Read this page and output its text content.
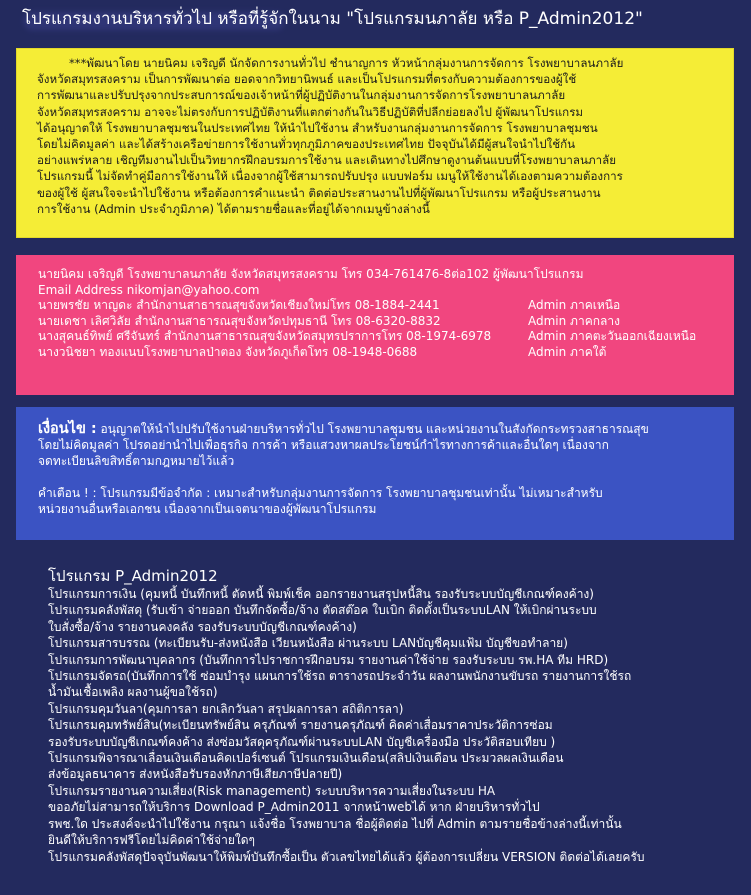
โปรแกรมงานบริหารทั่วไป หรือที่รู้จักในนาม "โปรแกรมนภาลัย หรือ P_Admin2012"

***พัฒนาโดย นายนิคม เจริญดี นักจัดการงานทั่วไป ชำนาญการ หัวหน้ากลุ่มงานการจัดการ โรงพยาบาลนภาลัย

จังหวัดสมุทรสงคราม เป็นการพัฒนาต่อ ยอดจากวิทยานิพนธ์ และเป็นโปรแกรมที่ตรงกับความต้องการของผู้ใช้

การพัฒนาและปรับปรุงจากประสบการณ์ของเจ้าหน้าที่ผู้ปฏิบัติงานในกลุ่มงานการจัดการโรงพยาบาลนภาลัย

จังหวัดสมุทรสงคราม อาจจะไม่ตรงกับการปฏิบัติงานที่แตกต่างกันในวิธีปฏิบัติที่ปลีกย่อยลงไป ผู้พัฒนาโปรแกรม

ได้อนุญาตให้ โรงพยาบาลชุมชนในประเทศไทย ให้นำไปใช้งาน สำหรับงานกลุ่มงานการจัดการ โรงพยาบาลชุมชน

โดยไม่คิดมูลค่า และได้สร้างเครือข่ายการใช้งานทั่วทุกภูมิภาคของประเทศไทย ปัจจุบันได้มีผู้สนใจนำไปใช้กัน

อย่างแพร่หลาย เชิญทีมงานไปเป็นวิทยากรฝึกอบรมการใช้งาน และเดินทางไปศึกษาดูงานต้นแบบที่โรงพยาบาลนภาลัย

โปรแกรมนี้ ไม่จัดทำคู่มือการใช้งานให้ เนื่องจากผู้ใช้สามารถปรับปรุง แบบฟอร์ม เมนูให้ใช้งานได้เองตามความต้องการ

ของผู้ใช้ ผู้สนใจจะนำไปใช้งาน หรือต้องการคำแนะนำ ติดต่อประสานงานไปที่ผู้พัฒนาโปรแกรม หรือผู้ประสานงาน

การใช้งาน (Admin ประจำภูมิภาค) ได้ตามรายชื่อและที่อยู่ได้จากเมนูข้างล่างนี้

นายนิคม เจริญดี โรงพยาบาลนภาลัย จังหวัดสมุทรสงคราม โทร 034-761476-8ต่อ102 ผู้พัฒนาโปรแกรม
Email Address nikomjan@yahoo.com
นายพรชัย หาญดะ สำนักงานสาธารณสุขจังหวัดเชียงใหม่โทร 08-1884-2441	Admin ภาคเหนือ
นายเดชา เลิศวิลัย สำนักงานสาธารณสุขจังหวัดปทุมธานี โทร 08-6320-8832	Admin ภาคกลาง
นางสุคนธ์ทิพย์ ศรีจันทร์ สำนักงานสาธารณสุขจังหวัดสมุทรปราการโทร 08-1974-6978	Admin ภาคตะวันออกเฉียงเหนือ
นางวนิชยา ทองแนบโรงพยาบาลป่าตอง จังหวัดภูเก็ตโทร 08-1948-0688	Admin ภาคใต้
เงื่อนไข : อนุญาตให้นำไปปรับใช้งานฝ่ายบริหารทั่วไป โรงพยาบาลชุมชน และหน่วยงานในสังกัดกระทรวงสาธารณสุข
โดยไม่คิดมูลค่า โปรดอย่านำไปเพื่อธุรกิจ การค้า หรือแสวงหาผลประโยชน์กำไรทางการค้าและอื่นใดๆ เนื่องจาก
จดทะเบียนลิขสิทธิ์ตามกฎหมายไว้แล้ว
คำเตือน ! : โปรแกรมมีข้อจำกัด : เหมาะสำหรับกลุ่มงานการจัดการ โรงพยาบาลชุมชนเท่านั้น ไม่เหมาะสำหรับ
หน่วยงานอื่นหรือเอกชน เนื่องจากเป็นเจตนาของผู้พัฒนาโปรแกรม
โปรแกรม P_Admin2012
โปรแกรมการเงิน (คุมหนี้ บันทึกหนี้ ตัดหนี้ พิมพ์เช็ค ออกรายงานสรุปหนี้สิน รองรับระบบบัญชีเกณฑ์คงค้าง)
โปรแกรมคลังพัสดุ (รับเข้า จ่ายออก บันทึกจัดซื้อ/จ้าง ตัดสต๊อค ใบเบิก ติดตั้งเป็นระบบLAN ให้เบิกผ่านระบบ
ใบสั่งซื้อ/จ้าง รายงานคงคลัง รองรับระบบบัญชีเกณฑ์คงค้าง)
โปรแกรมสารบรรณ (ทะเบียนรับ-ส่งหนังสือ เวียนหนังสือ ผ่านระบบ LANบัญชีคุมแฟ้ม บัญชีขอทำลาย)
โปรแกรมการพัฒนาบุคลากร (บันทึกการไปราชการฝึกอบรม รายงานค่าใช้จ่าย รองรับระบบ รพ.HA ทีม HRD)
โปรแกรมจัดรถ(บันทึกการใช้ ซ่อมบำรุง แผนการใช้รถ ตารางรถประจำวัน ผลงานพนักงานขับรถ รายงานการใช้รถ
น้ำมันเชื้อเพลิง ผลงานผู้ขอใช้รถ)
โปรแกรมคุมวันลา(คุมการลา ยกเลิกวันลา สรุปผลการลา สถิติการลา)
โปรแกรมคุมทรัพย์สิน(ทะเบียนทรัพย์สิน ครุภัณฑ์ รายงานครุภัณฑ์ คิดค่าเสื่อมราคาประวัติการซ่อม
รองรับระบบบัญชีเกณฑ์คงค้าง ส่งซ่อมวัสดุครุภัณฑ์ผ่านระบบLAN บัญชีเครื่องมือ ประวัติสอบเทียบ )
โปรแกรมพิจารณาเลื่อนเงินเดือนคิดเปอร์เซนต์ โปรแกรมเงินเดือน(สลิปเงินเดือน ประมวลผลเงินเดือน
ส่งข้อมูลธนาคาร ส่งหนังสือรับรองหักภาษีเสียภาษีปลายปี)
โปรแกรมรายงานความเสี่ยง(Risk management) ระบบบริหารความเสี่ยงในระบบ HA
ขออภัยไม่สามารถให้บริการ Download P_Admin2011 จากหน้าwebได้ หาก ฝ่ายบริหารทั่วไป
รพช.ใด ประสงค์จะนำไปใช้งาน กรุณา แจ้งชื่อ โรงพยาบาล ชื่อผู้ติดต่อ ไปที่ Admin ตามรายชื่อข้างล่างนี้เท่านั้น
ยินดีให้บริการฟรีโดยไม่คิดค่าใช้จ่ายใดๆ
โปรแกรมคลังพัสดุปัจจุบันพัฒนาให้พิมพ์บันทึกซื้อเป็น ตัวเลขไทยได้แล้ว ผู้ต้องการเปลี่ยน VERSION ติดต่อได้เลยครับ
